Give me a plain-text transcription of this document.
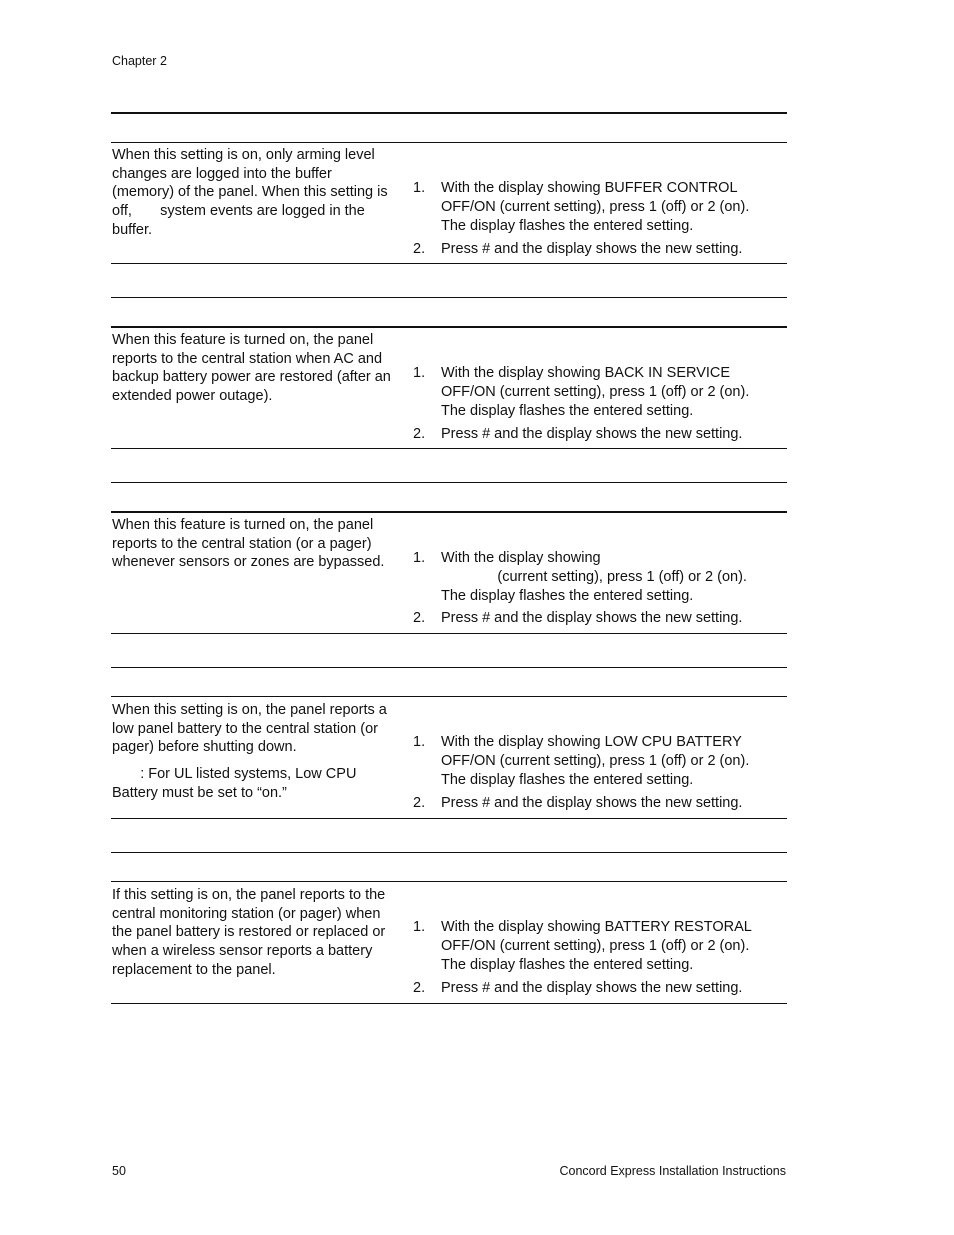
Chapter 2

When this setting is on, only arming level changes are logged into the buffer (memory) of the panel. When this setting is off,       system events are logged in the buffer.

1.	With the display showing BUFFER CONTROL
OFF/ON (current setting), press 1 (off) or 2 (on).
The display flashes the entered setting.
2.	Press # and the display shows the new setting.

When this feature is turned on, the panel reports to the central station when AC and backup battery power are restored (after an extended power outage).

1.	With the display showing BACK IN SERVICE
OFF/ON (current setting), press 1 (off) or 2 (on).
The display flashes the entered setting.
2.	Press # and the display shows the new setting.

When this feature is turned on, the panel reports to the central station (or a pager) whenever sensors or zones are bypassed.	1.	With the display showing
(current setting), press 1 (off) or 2 (on).
The display flashes the entered setting.
2.	Press # and the display shows the new setting.

When this setting is on, the panel reports a low panel battery to the central station (or pager) before shutting down.

: For UL listed systems, Low CPU Battery must be set to “on.”

1.	With the display showing LOW CPU BATTERY
OFF/ON (current setting), press 1 (off) or 2 (on).
The display flashes the entered setting.
2.	Press # and the display shows the new setting.

If this setting is on, the panel reports to the central monitoring station (or pager) when the panel battery is restored or replaced or when a wireless sensor reports a battery replacement to the panel.

1.	With the display showing BATTERY RESTORAL
OFF/ON (current setting), press 1 (off) or 2 (on).
The display flashes the entered setting.
2.	Press # and the display shows the new setting.
50	Concord Express Installation Instructions
